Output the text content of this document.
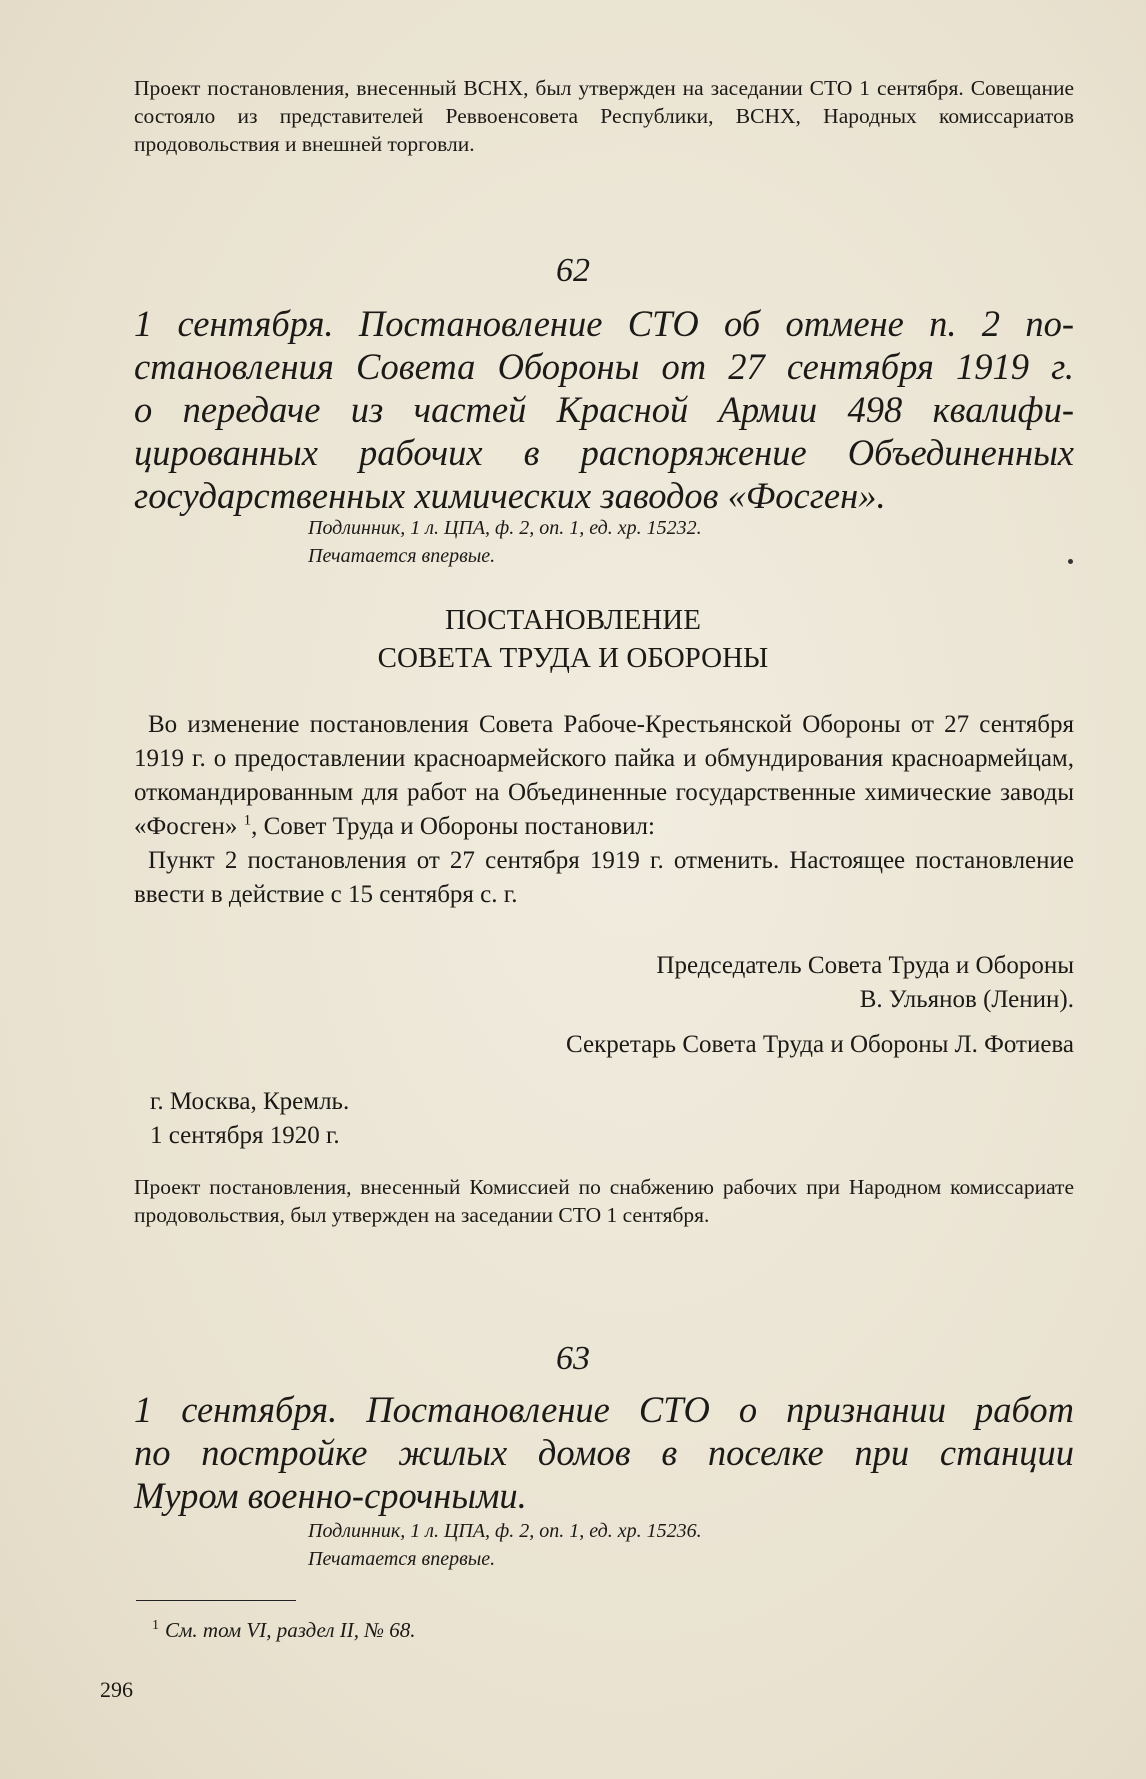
Проект постановления, внесенный ВСНХ, был утвержден на заседании СТО 1 сентября. Совещание состояло из представителей Реввоенсовета Республики, ВСНХ, Народных комиссариатов продовольствия и внешней торговли.
62

1 сентября. Постановление СТО об отмене п. 2 по-
становления Совета Обороны от 27 сентября 1919 г.
о передаче из частей Красной Армии 498 квалифи-
цированных рабочих в распоряжение Объединенных
государственных химических заводов «Фосген».

Подлинник, 1 л. ЦПА, ф. 2, оп. 1, ед. хр. 15232.
Печатается впервые.
ПОСТАНОВЛЕНИЕ
СОВЕТА ТРУДА И ОБОРОНЫ

Во изменение постановления Совета Рабоче-Крестьянской Обороны от 27 сентября 1919 г. о предоставлении красноармейского пайка и обмундирования красноармейцам, откомандированным для работ на Объединенные государственные химические заводы «Фосген» $^1$, Совет Труда и Обороны постановил:

Пункт 2 постановления от 27 сентября 1919 г. отменить. Настоящее постановление ввести в действие с 15 сентября с. г.

Председатель Совета Труда и Обороны
В. Ульянов (Ленин).
Секретарь Совета Труда и Обороны Л. Фотиева
г. Москва, Кремль.
1 сентября 1920 г.
Проект постановления, внесенный Комиссией по снабжению рабочих при Народном комиссариате продовольствия, был утвержден на заседании СТО 1 сентября.
63

1 сентября. Постановление СТО о признании работ
по постройке жилых домов в поселке при станции
Муром военно-срочными.

Подлинник, 1 л. ЦПА, ф. 2, оп. 1, ед. хр. 15236.
Печатается впервые.
$^1$ См. том VI, раздел II, № 68.
296
